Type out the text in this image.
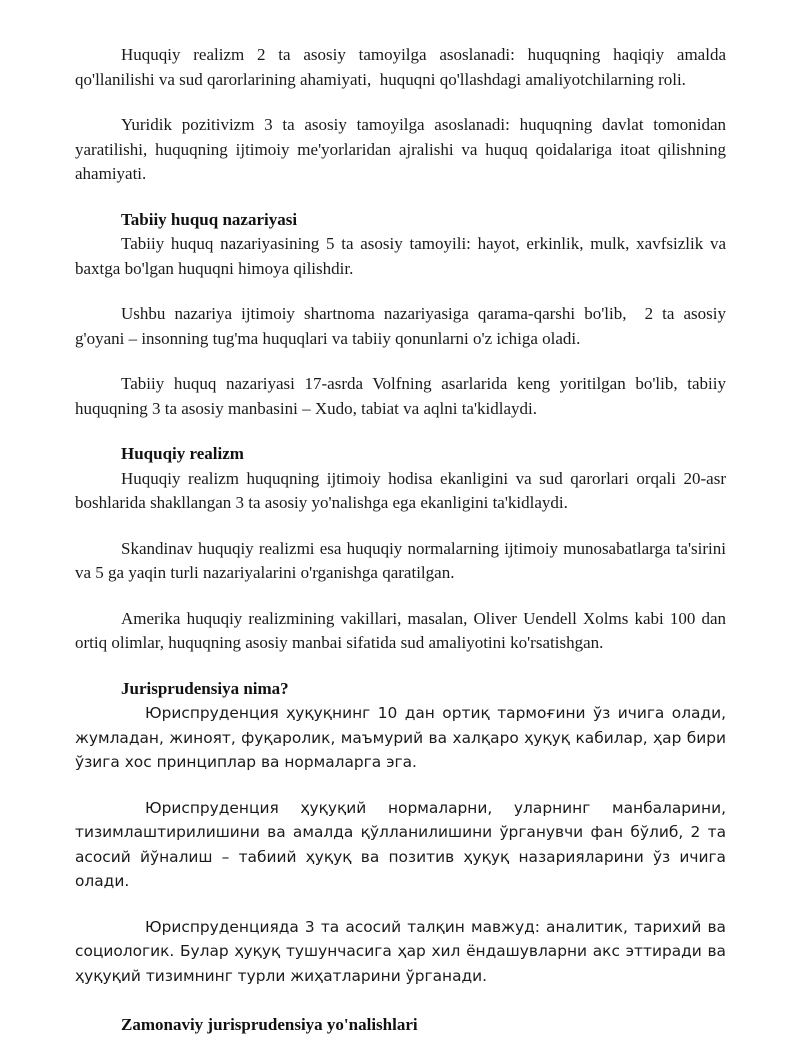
Huquqiy realizm 2 ta asosiy tamoyilga asoslanadi: huquqning haqiqiy amalda qo'llanilishi va sud qarorlarining ahamiyati,  huquqni qo'llashdagi amaliyotchilarning roli.

Yuridik pozitivizm 3 ta asosiy tamoyilga asoslanadi: huquqning davlat tomonidan yaratilishi, huquqning ijtimoiy me'yorlaridan ajralishi va huquq qoidalariga itoat qilishning ahamiyati.

Tabiiy huquq nazariyasi

Tabiiy huquq nazariyasining 5 ta asosiy tamoyili: hayot, erkinlik, mulk, xavfsizlik va baxtga bo'lgan huquqni himoya qilishdir.

Ushbu nazariya ijtimoiy shartnoma nazariyasiga qarama-qarshi bo'lib,  2 ta asosiy g'oyani – insonning tug'ma huquqlari va tabiiy qonunlarni o'z ichiga oladi.

Tabiiy huquq nazariyasi 17-asrda Volfning asarlarida keng yoritilgan bo'lib, tabiiy huquqning 3 ta asosiy manbasini – Xudo, tabiat va aqlni ta'kidlaydi.

Huquqiy realizm

Huquqiy realizm huquqning ijtimoiy hodisa ekanligini va sud qarorlari orqali 20-asr boshlarida shakllangan 3 ta asosiy yo'nalishga ega ekanligini ta'kidlaydi.

Skandinav huquqiy realizmi esa huquqiy normalarning ijtimoiy munosabatlarga ta'sirini va 5 ga yaqin turli nazariyalarini o'rganishga qaratilgan.

Amerika huquqiy realizmining vakillari, masalan, Oliver Uendell Xolms kabi 100 dan ortiq olimlar, huquqning asosiy manbai sifatida sud amaliyotini ko'rsatishgan.

Jurisprudensiya nima?

Юриспруденция ҳуқуқнинг 10 дан ортиқ тармоғини ўз ичига олади, жумладан, жиноят, фуқаролик, маъмурий ва халқаро ҳуқуқ кабилар, ҳар бири ўзига хос принциплар ва нормаларга эга.

Юриспруденция ҳуқуқий нормаларни, уларнинг манбаларини, тизимлаштирилишини ва амалда қўлланилишини ўрганувчи фан бўлиб, 2 та асосий йўналиш – табиий ҳуқуқ ва позитив ҳуқуқ назарияларини ўз ичига олади.

Юриспруденцияда 3 та асосий талқин мавжуд: аналитик, тарихий ва социологик. Булар ҳуқуқ тушунчасига ҳар хил ёндашувларни акс эттиради ва ҳуқуқий тизимнинг турли жиҳатларини ўрганади.

Zamonaviy jurisprudensiya yo'nalishlari
